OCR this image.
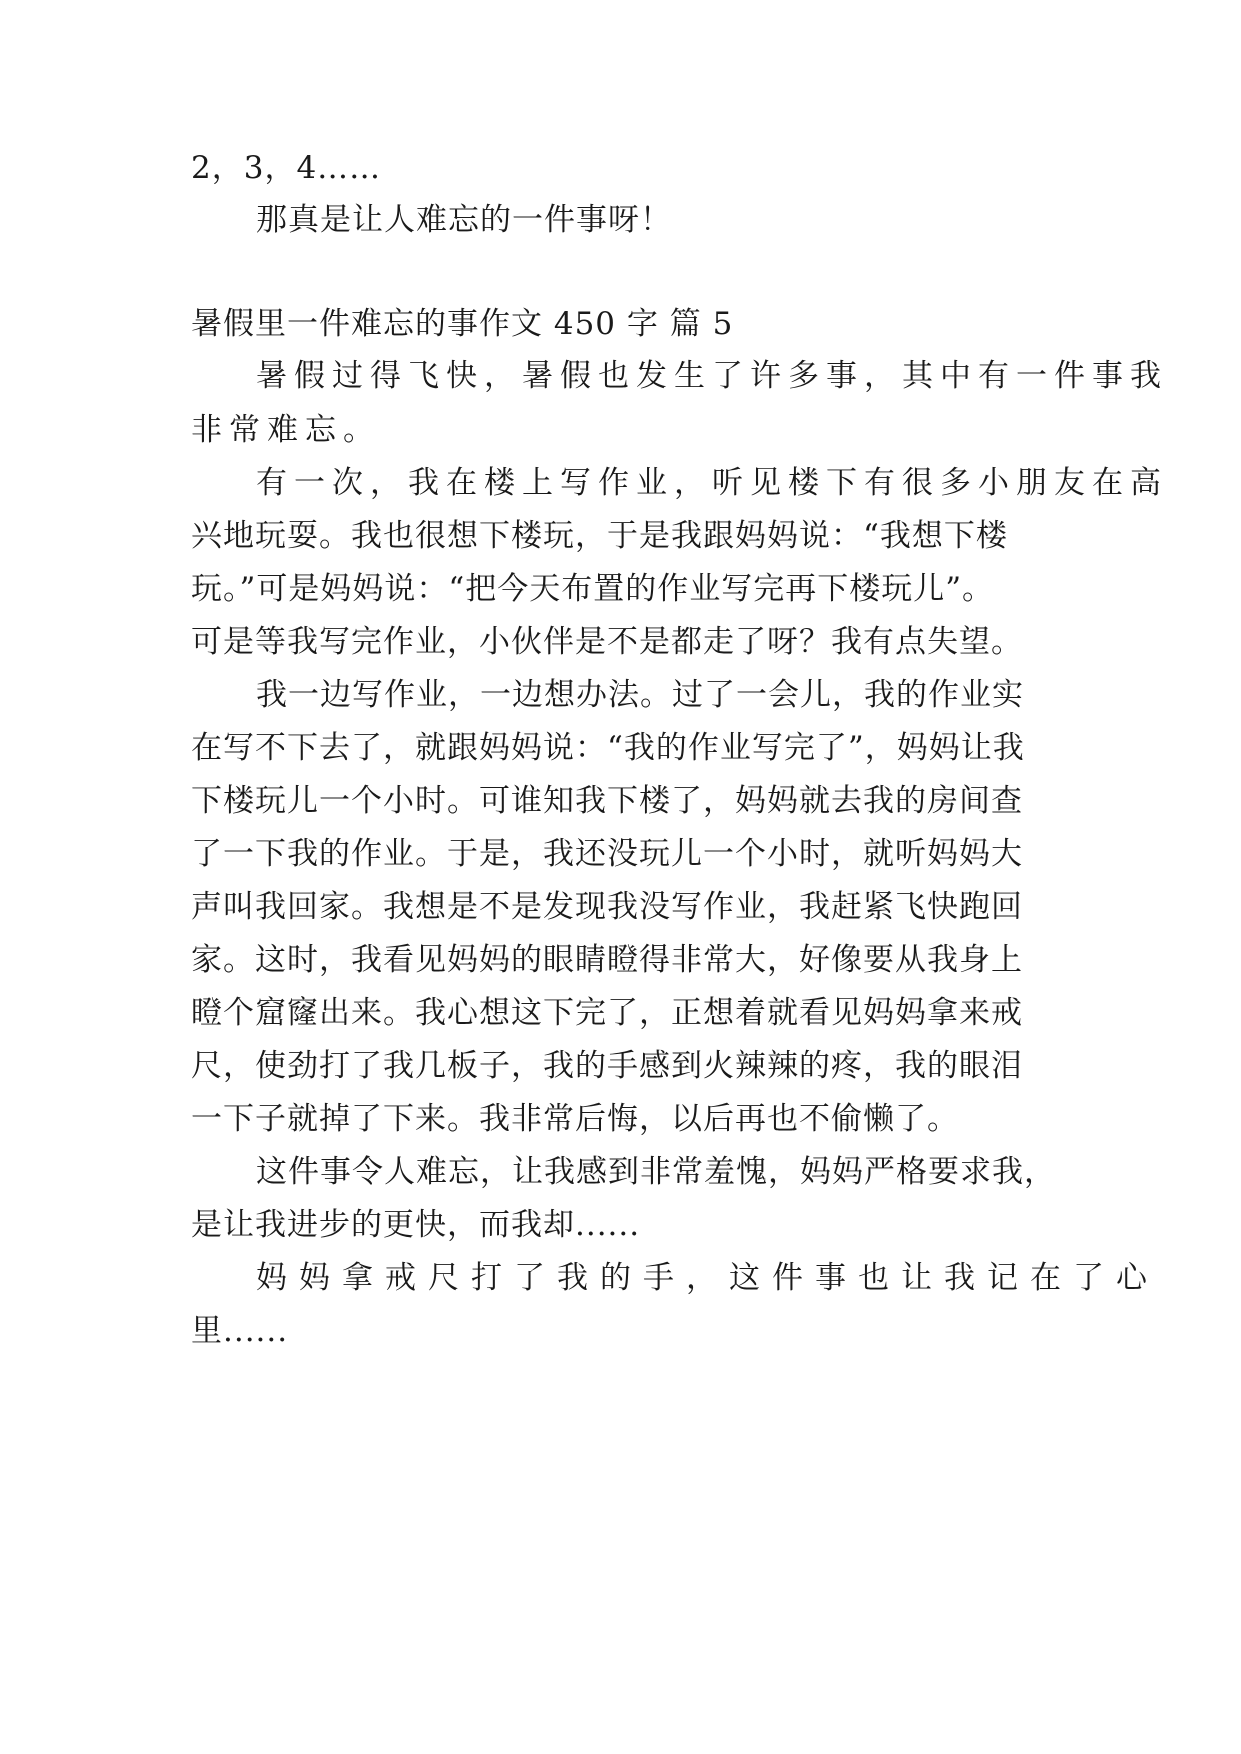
2，3，4……
那真是让人难忘的一件事呀！
暑假里一件难忘的事作文 450 字 篇 5
暑假过得飞快，暑假也发生了许多事，其中有一件事我
非常难忘。
有一次，我在楼上写作业，听见楼下有很多小朋友在高
兴地玩耍。我也很想下楼玩，于是我跟妈妈说：“我想下楼
玩。”可是妈妈说：“把今天布置的作业写完再下楼玩儿”。
可是等我写完作业，小伙伴是不是都走了呀？我有点失望。
我一边写作业，一边想办法。过了一会儿，我的作业实
在写不下去了，就跟妈妈说：“我的作业写完了”，妈妈让我
下楼玩儿一个小时。可谁知我下楼了，妈妈就去我的房间查
了一下我的作业。于是，我还没玩儿一个小时，就听妈妈大
声叫我回家。我想是不是发现我没写作业，我赶紧飞快跑回
家。这时，我看见妈妈的眼睛瞪得非常大，好像要从我身上
瞪个窟窿出来。我心想这下完了，正想着就看见妈妈拿来戒
尺，使劲打了我几板子，我的手感到火辣辣的疼，我的眼泪
一下子就掉了下来。我非常后悔，以后再也不偷懒了。
这件事令人难忘，让我感到非常羞愧，妈妈严格要求我，
是让我进步的更快，而我却......
妈妈拿戒尺打了我的手，这件事也让我记在了心
里......
